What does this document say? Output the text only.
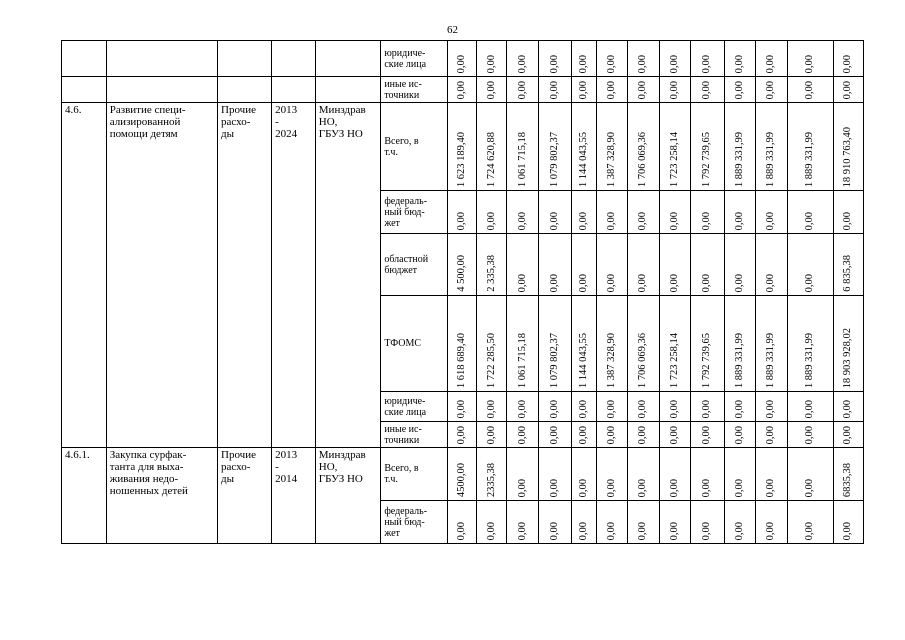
62
					юридиче-
ские лица	0,00	0,00	0,00	0,00	0,00	0,00	0,00	0,00	0,00	0,00	0,00	0,00	0,00

					иные ис-
точники	0,00	0,00	0,00	0,00	0,00	0,00	0,00	0,00	0,00	0,00	0,00	0,00	0,00

4.6.	Развитие специ-
ализированной
помощи детям	Прочие
расхо-
ды	2013
-
2024	Минздрав
НО,
ГБУЗ НО	Всего, в
т.ч.	1 623 189,40	1 724 620,88	1 061 715,18	1 079 802,37	1 144 043,55	1 387 328,90	1 706 069,36	1 723 258,14	1 792 739,65	1 889 331,99	1 889 331,99	1 889 331,99	18 910 763,40

					федераль-
ный бюд-
жет	0,00	0,00	0,00	0,00	0,00	0,00	0,00	0,00	0,00	0,00	0,00	0,00	0,00

					областной
бюджет	4 500,00	2 335,38	0,00	0,00	0,00	0,00	0,00	0,00	0,00	0,00	0,00	0,00	6 835,38

					ТФОМС	1 618 689,40	1 722 285,50	1 061 715,18	1 079 802,37	1 144 043,55	1 387 328,90	1 706 069,36	1 723 258,14	1 792 739,65	1 889 331,99	1 889 331,99	1 889 331,99	18 903 928,02

					юридиче-
ские лица	0,00	0,00	0,00	0,00	0,00	0,00	0,00	0,00	0,00	0,00	0,00	0,00	0,00

					иные ис-
точники	0,00	0,00	0,00	0,00	0,00	0,00	0,00	0,00	0,00	0,00	0,00	0,00	0,00

4.6.1.	Закупка сурфак-
танта для выха-
живания недо-
ношенных детей	Прочие
расхо-
ды	2013
-
2014	Минздрав
НО,
ГБУЗ НО	Всего, в
т.ч.	4500,00	2335,38	0,00	0,00	0,00	0,00	0,00	0,00	0,00	0,00	0,00	0,00	6835,38

					федераль-
ный бюд-
жет	0,00	0,00	0,00	0,00	0,00	0,00	0,00	0,00	0,00	0,00	0,00	0,00	0,00
